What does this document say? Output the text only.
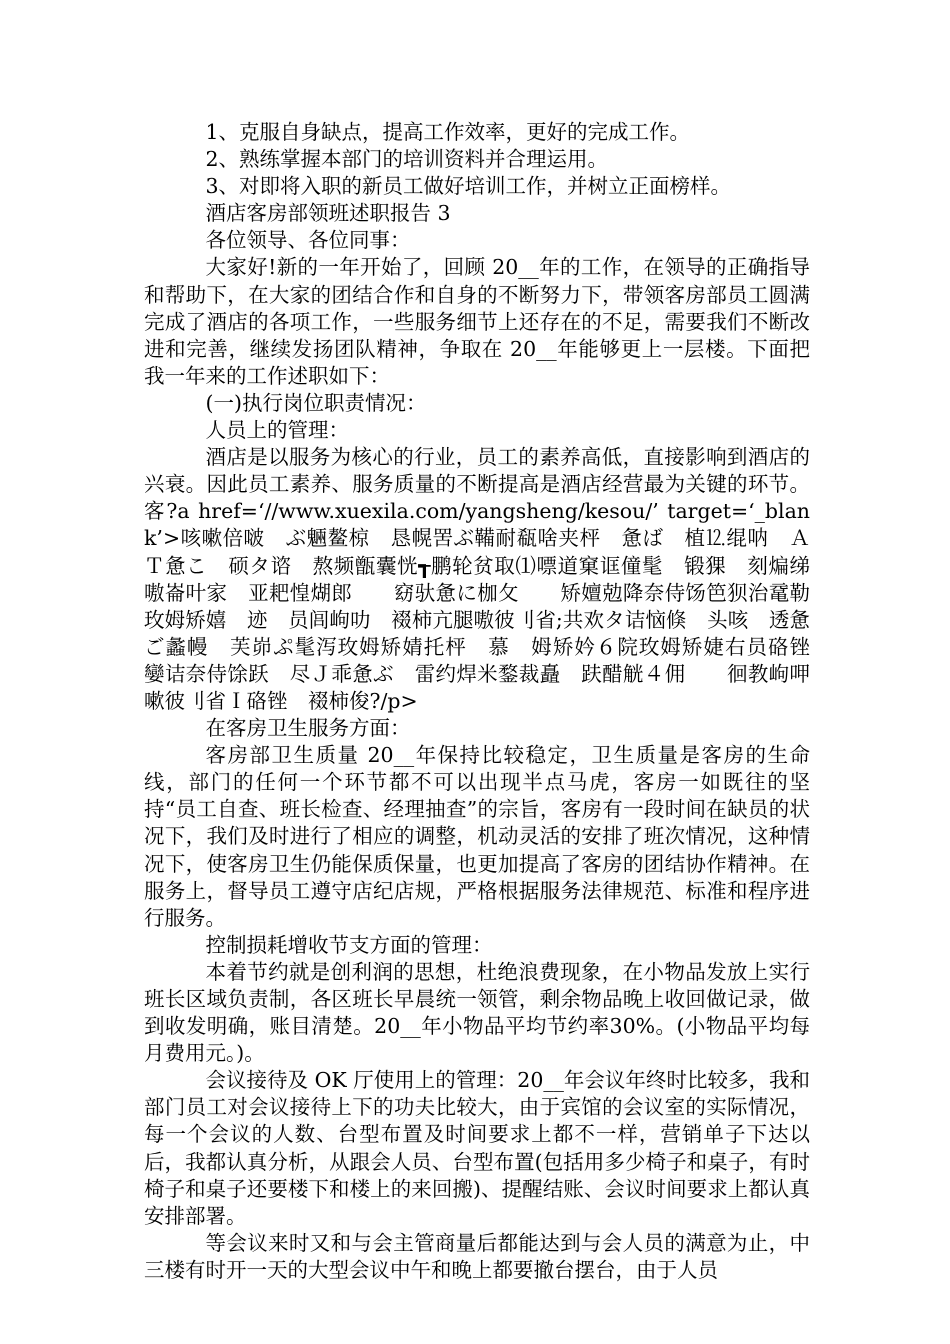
1、克服自身缺点，提高工作效率，更好的完成工作。

2、熟练掌握本部门的培训资料并合理运用。

3、对即将入职的新员工做好培训工作，并树立正面榜样。

酒店客房部领班述职报告 3

各位领导、各位同事：

大家好!新的一年开始了，回顾 20__年的工作，在领导的正确指导和帮助下，在大家的团结合作和自身的不断努力下，带领客房部员工圆满完成了酒店的各项工作，一些服务细节上还存在的不足，需要我们不断改进和完善，继续发扬团队精神，争取在 20__年能够更上一层楼。下面把我一年来的工作述职如下：

(一)执行岗位职责情况：

人员上的管理：

酒店是以服务为核心的行业，员工的素养高低，直接影响到酒店的兴衰。因此员工素养、服务质量的不断提高是酒店经营最为关键的环节。客?a href=‘//www.xuexila.com/yangsheng/kesou/’ target=‘_blank’>咳嗽倍啵　ぶ魎鳌椋　恳幌罟ぶ鞴耐瓻啥夹枰　惫ば　植⒓绲呐　Ａ Ｔ惫こ　硕タ谘　熬频甑囊恍┱鹏轮贫取⑴嘌道窠诓僮髦　锻猓　刻煸绨嗷崙叶家　亚耙惶煳郎　　窈驮惫に枷攵　　矫嬗勊降奈侍饧笆狈治鼋勒　　　玫姆矫嬉　迹　员闾岣叻　裰柿亢腿嗷彼刂省;共欢タ诘恼倏　头咳　透惫ご蠡幔　芙峁ぷ髦泻玫姆矫婧托枰　慕　姆矫妗６院玫姆矫婕右员硌锉　孌诘奈侍馀跃　尽Ｊ乖惫ぶ　雷约焊米鍪裁矗　趺醋觥４佣　　徊教岣呷嗽彼刂省Ｉ硌锉　裰柿俊?/p>

在客房卫生服务方面：

客房部卫生质量 20__年保持比较稳定，卫生质量是客房的生命线，部门的任何一个环节都不可以出现半点马虎，客房一如既往的坚持“员工自查、班长检查、经理抽查”的宗旨，客房有一段时间在缺员的状况下，我们及时进行了相应的调整，机动灵活的安排了班次情况，这种情况下，使客房卫生仍能保质保量，也更加提高了客房的团结协作精神。在服务上，督导员工遵守店纪店规，严格根据服务法律规范、标准和程序进行服务。

控制损耗增收节支方面的管理：

本着节约就是创利润的思想，杜绝浪费现象，在小物品发放上实行班长区域负责制，各区班长早晨统一领管，剩余物品晚上收回做记录，做到收发明确，账目清楚。20__年小物品平均节约率30%。(小物品平均每月费用元。)。

会议接待及 OK 厅使用上的管理：20__年会议年终时比较多，我和部门员工对会议接待上下的功夫比较大，由于宾馆的会议室的实际情况，每一个会议的人数、台型布置及时间要求上都不一样，营销单子下达以后，我都认真分析，从跟会人员、台型布置(包括用多少椅子和桌子，有时椅子和桌子还要楼下和楼上的来回搬)、提醒结账、会议时间要求上都认真安排部署。

等会议来时又和与会主管商量后都能达到与会人员的满意为止，中三楼有时开一天的大型会议中午和晚上都要撤台摆台，由于人员
